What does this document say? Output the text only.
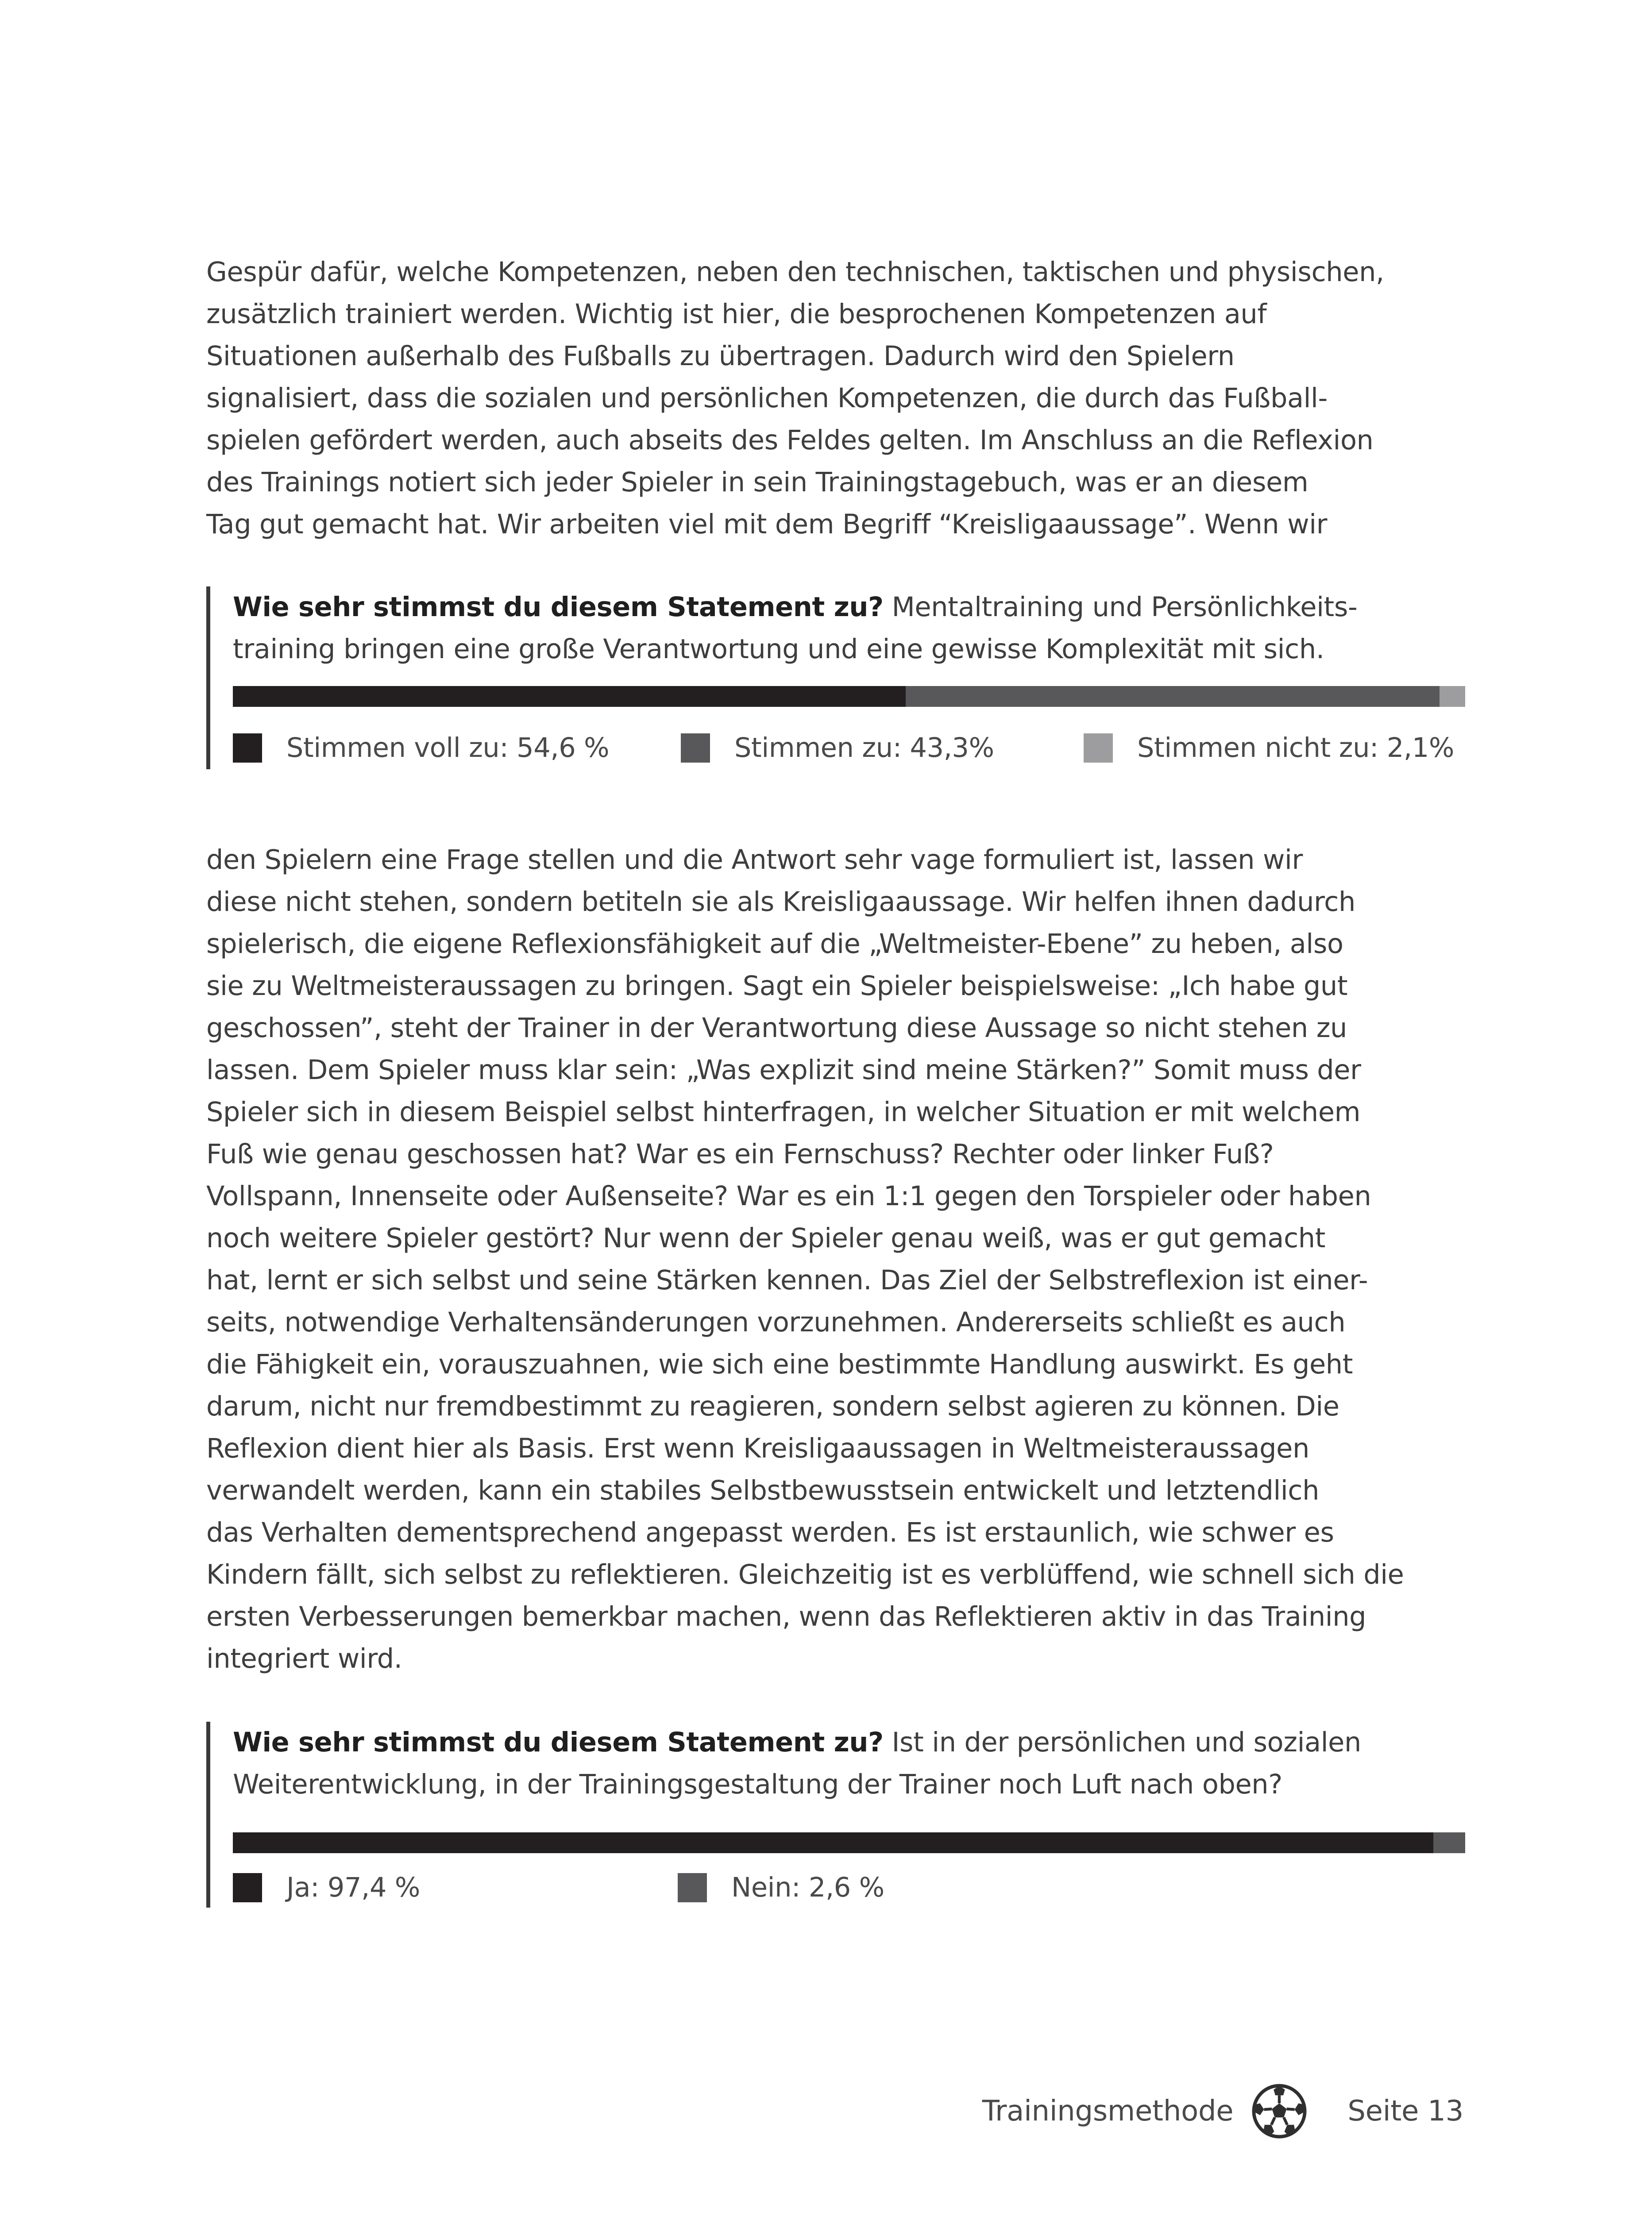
Gespür dafür, welche Kompetenzen, neben den technischen, taktischen und physischen,
zusätzlich trainiert werden. Wichtig ist hier, die besprochenen Kompetenzen auf
Situationen außerhalb des Fußballs zu übertragen. Dadurch wird den Spielern
signalisiert, dass die sozialen und persönlichen Kompetenzen, die durch das Fußball-
spielen gefördert werden, auch abseits des Feldes gelten. Im Anschluss an die Reflexion
des Trainings notiert sich jeder Spieler in sein Trainingstagebuch, was er an diesem
Tag gut gemacht hat. Wir arbeiten viel mit dem Begriff “Kreisligaaussage”. Wenn wir

Wie sehr stimmst du diesem Statement zu? Mentaltraining und Persönlichkeits-
training bringen eine große Verantwortung und eine gewisse Komplexität mit sich.

Stimmen voll zu: 54,6 %	Stimmen zu: 43,3%	Stimmen nicht zu: 2,1%
den Spielern eine Frage stellen und die Antwort sehr vage formuliert ist, lassen wir
diese nicht stehen, sondern betiteln sie als Kreisligaaussage. Wir helfen ihnen dadurch
spielerisch, die eigene Reflexionsfähigkeit auf die „Weltmeister-Ebene” zu heben, also
sie zu Weltmeisteraussagen zu bringen. Sagt ein Spieler beispielsweise: „Ich habe gut
geschossen”, steht der Trainer in der Verantwortung diese Aussage so nicht stehen zu
lassen. Dem Spieler muss klar sein: „Was explizit sind meine Stärken?” Somit muss der
Spieler sich in diesem Beispiel selbst hinterfragen, in welcher Situation er mit welchem
Fuß wie genau geschossen hat? War es ein Fernschuss? Rechter oder linker Fuß?
Vollspann, Innenseite oder Außenseite? War es ein 1:1 gegen den Torspieler oder haben
noch weitere Spieler gestört? Nur wenn der Spieler genau weiß, was er gut gemacht
hat, lernt er sich selbst und seine Stärken kennen. Das Ziel der Selbstreflexion ist einer-
seits, notwendige Verhaltensänderungen vorzunehmen. Andererseits schließt es auch
die Fähigkeit ein, vorauszuahnen, wie sich eine bestimmte Handlung auswirkt. Es geht
darum, nicht nur fremdbestimmt zu reagieren, sondern selbst agieren zu können. Die
Reflexion dient hier als Basis. Erst wenn Kreisligaaussagen in Weltmeisteraussagen
verwandelt werden, kann ein stabiles Selbstbewusstsein entwickelt und letztendlich
das Verhalten dementsprechend angepasst werden. Es ist erstaunlich, wie schwer es
Kindern fällt, sich selbst zu reflektieren. Gleichzeitig ist es verblüffend, wie schnell sich die
ersten Verbesserungen bemerkbar machen, wenn das Reflektieren aktiv in das Training
integriert wird.

Wie sehr stimmst du diesem Statement zu? Ist in der persönlichen und sozialen
Weiterentwicklung, in der Trainingsgestaltung der Trainer noch Luft nach oben?

Ja: 97,4 %	Nein: 2,6 %
Trainingsmethode	Seite 13
